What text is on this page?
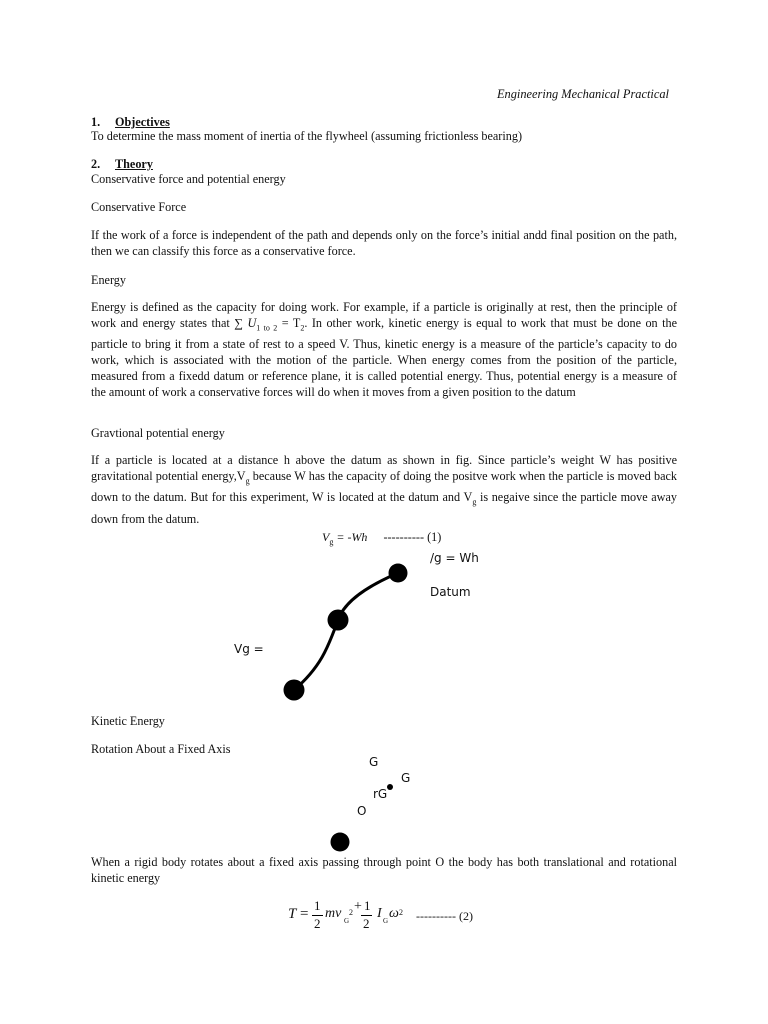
Engineering Mechanical Practical
1. Objectives
To determine the mass moment of inertia of the flywheel (assuming frictionless bearing)
2. Theory
Conservative force and potential energy
Conservative Force
If the work of a force is independent of the path and depends only on the force’s initial andd final position on the path, then we can classify this force as a conservative force.
Energy
Energy is defined as the capacity for doing work. For example, if a particle is originally at rest, then the principle of work and energy states that ∑ $U_{1 to 2} = T_2$. In other work, kinetic energy is equal to work that must be done on the particle to bring it from a state of rest to a speed V. Thus, kinetic energy is a measure of the particle’s capacity to do work, which is associated with the motion of the particle. When energy comes from the position of the particle, measured from a fixedd datum or reference plane, it is called potential energy. Thus, potential energy is a measure of the amount of work a conservative forces will do when it moves from a given position to the datum
Gravtional potential energy
If a particle is located at a distance h above the datum as shown in fig. Since particle’s weight W has positive gravitational potential $energy,V_g$ because W has the capacity of doing the positve work when the particle is moved back down to the datum. But for this experiment, W is located at the datum and $V_g$ is negaive since the particle move away down from the datum.
$V_g = -Wh$ ---------- (1)
/g = Wh
Datum
Vg =
Kinetic Energy
Rotation About a Fixed Axis
G
G
rG
O
When a rigid body rotates about a fixed axis passing through point O the body has both translational and rotational kinetic energy
T =
1
2
mv G
2 + 1
2
I G ω 2 ---------- (2)
